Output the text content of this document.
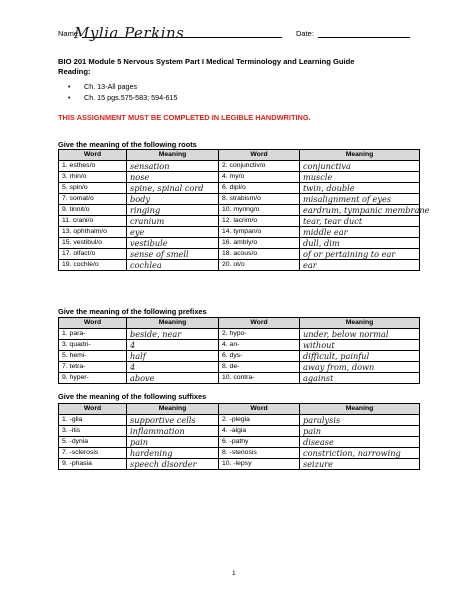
Name:
Mylia Perkins	Date:
BIO 201 Module 5 Nervous System Part I Medical Terminology and Learning Guide
Reading:
• Ch. 13-All pages
• Ch. 15 pgs.575-583; 594-615
THIS ASSIGNMENT MUST BE COMPLETED IN LEGIBLE HANDWRITING.
Give the meaning of the following roots
Word	Meaning	Word	Meaning
1. esthes/o	sensation	2. conjunctiv/o	conjunctiva

3. rhin/o	nose	4. my/o	muscle

5. spin/o	spine, spinal cord	6. dipl/o	twin, double

7. somat/o	body	8. strabism/o	misalignment of eyes

9. tinnit/o	ringing	10. myring/o	eardrum, tympanic membrane

11. crani/o	cranium	12. lacrim/o	tear, tear duct

13. ophthalm/o	eye	14. tympan/o	middle ear

15. vestibul/o	vestibule	16. ambly/o	dull, dim

17. olfact/o	sense of smell	18. acous/o	of or pertaining to ear

19. cochle/o	cochlea	20. ot/o	ear
Give the meaning of the following prefixes
Word	Meaning	Word	Meaning
1. para-	beside, near	2. hypo-	under, below normal

3. quadri-	4	4. an-	without

5. hemi-	half	6. dys-	difficult, painful

7. tetra-	4	8. de-	away from, down

9. hyper-	above	10. contra-	against
Give the meaning of the following suffixes
Word	Meaning	Word	Meaning
1. -glia	supportive cells	2. -plegia	paralysis

3. -itis	inflammation	4. -algia	pain

5. -dynia	pain	6. -pathy	disease

7. -sclerosis	hardening	8. -stenosis	constriction, narrowing

9. -phasia	speech disorder	10. -lepsy	seizure
1
